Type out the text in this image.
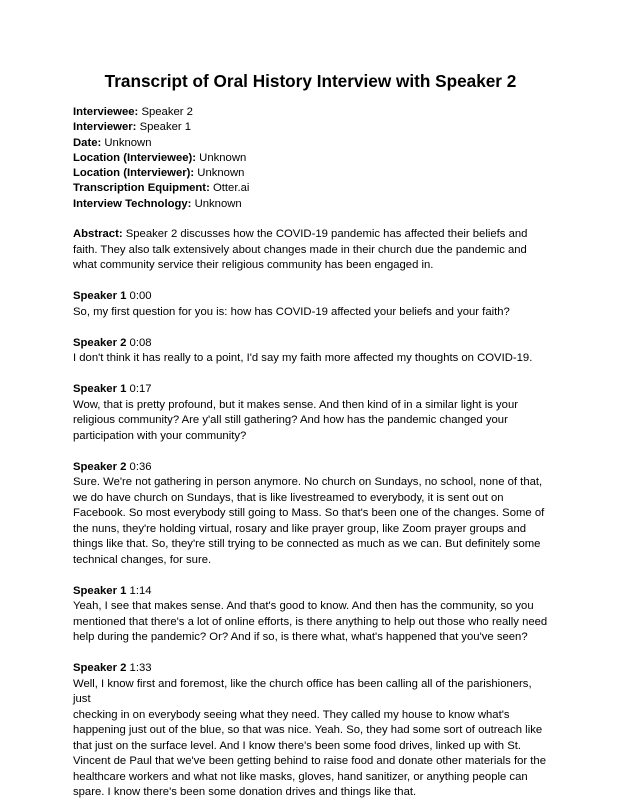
Transcript of Oral History Interview with Speaker 2
Interviewee: Speaker 2
Interviewer: Speaker 1
Date: Unknown
Location (Interviewee): Unknown
Location (Interviewer): Unknown
Transcription Equipment: Otter.ai
Interview Technology: Unknown
Abstract: Speaker 2 discusses how the COVID-19 pandemic has affected their beliefs and faith. They also talk extensively about changes made in their church due the pandemic and what community service their religious community has been engaged in.
Speaker 1 0:00
So, my first question for you is: how has COVID-19 affected your beliefs and your faith?
Speaker 2 0:08
I don't think it has really to a point, I'd say my faith more affected my thoughts on COVID-19.
Speaker 1 0:17
Wow, that is pretty profound, but it makes sense. And then kind of in a similar light is your
religious community? Are y'all still gathering? And how has the pandemic changed your
participation with your community?
Speaker 2 0:36
Sure. We're not gathering in person anymore. No church on Sundays, no school, none of that,
we do have church on Sundays, that is like livestreamed to everybody, it is sent out on
Facebook. So most everybody still going to Mass. So that's been one of the changes. Some of
the nuns, they're holding virtual, rosary and like prayer group, like Zoom prayer groups and
things like that. So, they're still trying to be connected as much as we can. But definitely some
technical changes, for sure.
Speaker 1 1:14
Yeah, I see that makes sense. And that's good to know. And then has the community, so you
mentioned that there's a lot of online efforts, is there anything to help out those who really need
help during the pandemic? Or? And if so, is there what, what's happened that you've seen?
Speaker 2 1:33
Well, I know first and foremost, like the church office has been calling all of the parishioners, just
checking in on everybody seeing what they need. They called my house to know what's
happening just out of the blue, so that was nice. Yeah. So, they had some sort of outreach like
that just on the surface level. And I know there's been some food drives, linked up with St.
Vincent de Paul that we've been getting behind to raise food and donate other materials for the
healthcare workers and what not like masks, gloves, hand sanitizer, or anything people can
spare. I know there's been some donation drives and things like that.
